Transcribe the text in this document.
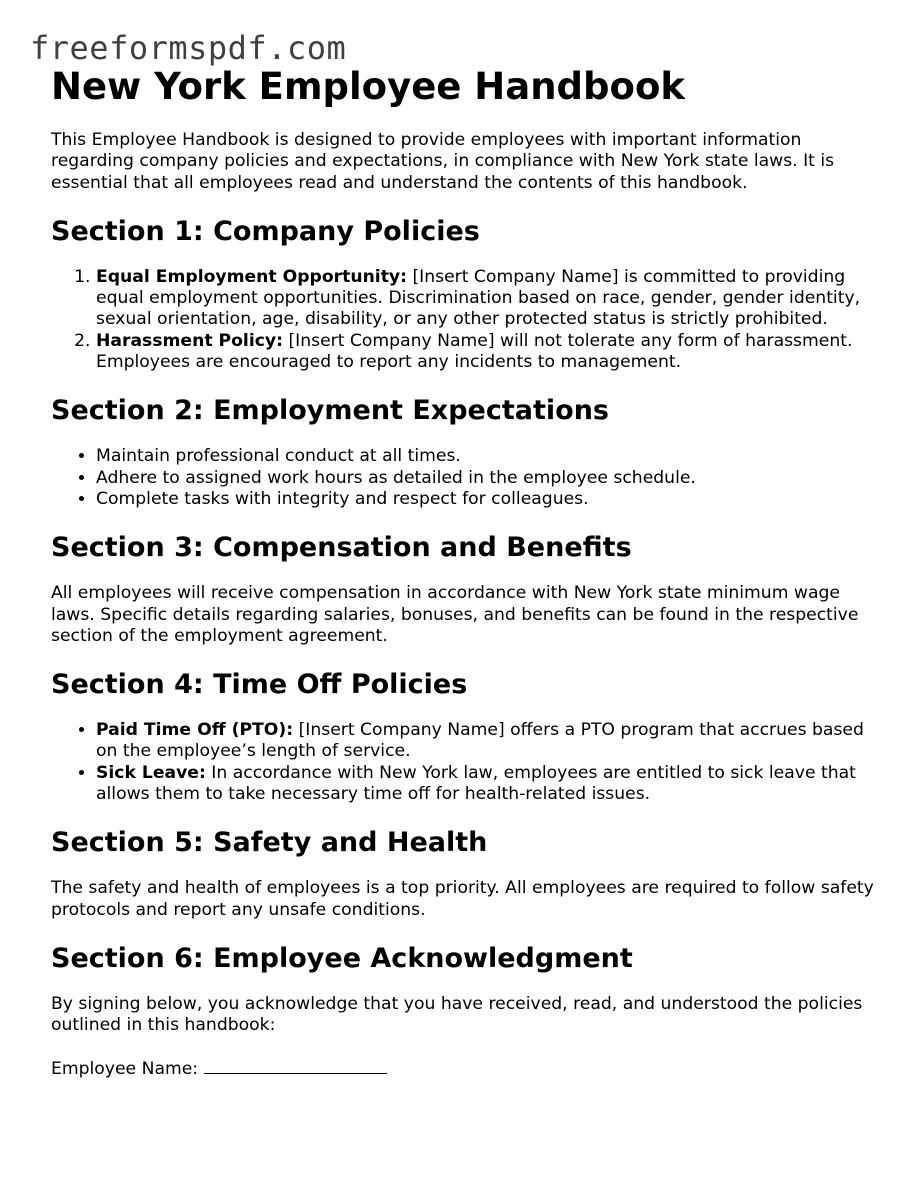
freeformspdf.com
New York Employee Handbook

This Employee Handbook is designed to provide employees with important information regarding company policies and expectations, in compliance with New York state laws. It is essential that all employees read and understand the contents of this handbook.

Section 1: Company Policies
1. Equal Employment Opportunity: [Insert Company Name] is committed to providing equal employment opportunities. Discrimination based on race, gender, gender identity, sexual orientation, age, disability, or any other protected status is strictly prohibited.
2. Harassment Policy: [Insert Company Name] will not tolerate any form of harassment. Employees are encouraged to report any incidents to management.
Section 2: Employment Expectations
• Maintain professional conduct at all times.
• Adhere to assigned work hours as detailed in the employee schedule.
• Complete tasks with integrity and respect for colleagues.
Section 3: Compensation and Benefits

All employees will receive compensation in accordance with New York state minimum wage laws. Specific details regarding salaries, bonuses, and benefits can be found in the respective section of the employment agreement.

Section 4: Time Off Policies
• Paid Time Off (PTO): [Insert Company Name] offers a PTO program that accrues based on the employee’s length of service.
• Sick Leave: In accordance with New York law, employees are entitled to sick leave that allows them to take necessary time off for health-related issues.
Section 5: Safety and Health

The safety and health of employees is a top priority. All employees are required to follow safety protocols and report any unsafe conditions.

Section 6: Employee Acknowledgment

By signing below, you acknowledge that you have received, read, and understood the policies outlined in this handbook:

Employee Name:
